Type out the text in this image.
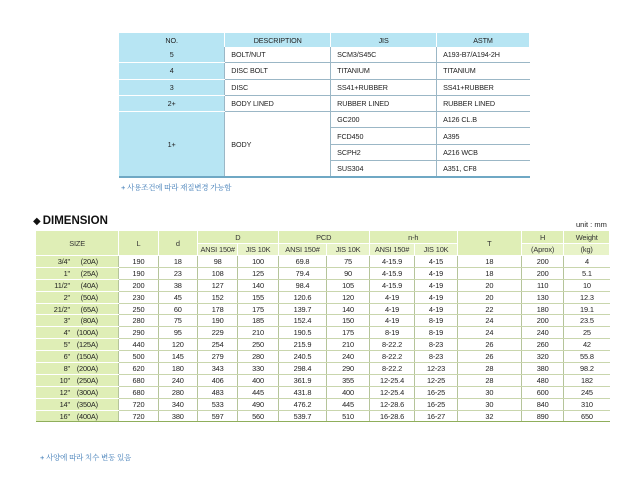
NO.	DESCRIPTION	JIS	ASTM
5	BOLT/NUT	SCM3/S45C	A193-B7/A194-2H
4	DISC BOLT	TITANIUM	TITANIUM
3	DISC	SS41+RUBBER	SS41+RUBBER
2+	BODY LINED	RUBBER LINED	RUBBER LINED
1+	BODY	GC200	A126 CL.B
		FCD450	A395
		SCPH2	A216 WCB
		SUS304	A351, CF8
+ 사용조건에 따라 재질변경 가능함
◆ DIMENSION	unit : mm
SIZE	L	d	D		PCD		n-h		T	H	Weight
			ANSI 150#	JIS 10K	ANSI 150#	JIS 10K	ANSI 150#	JIS 10K		(Aprox)	(kg)
3/4" (20A)	190	18	98	100	69.8	75	4-15.9	4-15	18	200	4
1" (25A)	190	23	108	125	79.4	90	4-15.9	4-19	18	200	5.1
11/2" (40A)	200	38	127	140	98.4	105	4-15.9	4-19	20	110	10
2" (50A)	230	45	152	155	120.6	120	4-19	4-19	20	130	12.3
21/2" (65A)	250	60	178	175	139.7	140	4-19	4-19	22	180	19.1
3" (80A)	280	75	190	185	152.4	150	4-19	8-19	24	200	23.5
4" (100A)	290	95	229	210	190.5	175	8-19	8-19	24	240	25
5" (125A)	440	120	254	250	215.9	210	8-22.2	8-23	26	260	42
6" (150A)	500	145	279	280	240.5	240	8-22.2	8-23	26	320	55.8
8" (200A)	620	180	343	330	298.4	290	8-22.2	12-23	28	380	98.2
10" (250A)	680	240	406	400	361.9	355	12-25.4	12-25	28	480	182
12" (300A)	680	280	483	445	431.8	400	12-25.4	16-25	30	600	245
14" (350A)	720	340	533	490	476.2	445	12-28.6	16-25	30	840	310
16" (400A)	720	380	597	560	539.7	510	16-28.6	16-27	32	890	650
+ 사양에 따라 치수 변동 있음
